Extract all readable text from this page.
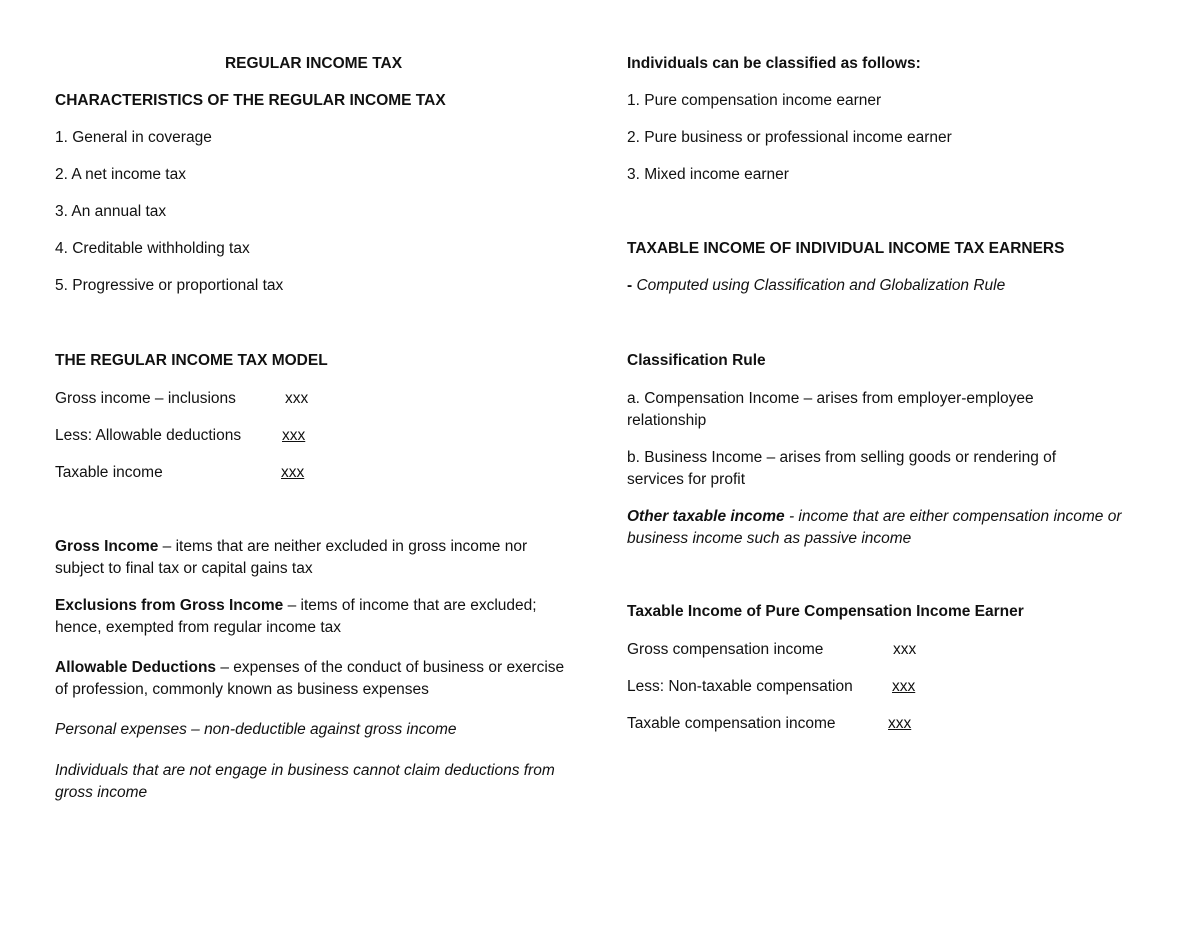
REGULAR INCOME TAX
CHARACTERISTICS OF THE REGULAR INCOME TAX
1. General in coverage
2. A net income tax
3. An annual tax
4. Creditable withholding tax
5. Progressive or proportional tax
THE REGULAR INCOME TAX MODEL
Gross income – inclusions	xxx
Less: Allowable deductions	xxx
Taxable income	xxx
Gross Income – items that are neither excluded in gross income nor subject to final tax or capital gains tax
Exclusions from Gross Income – items of income that are excluded; hence, exempted from regular income tax
Allowable Deductions – expenses of the conduct of business or exercise of profession, commonly known as business expenses
Personal expenses – non-deductible against gross income
Individuals that are not engage in business cannot claim deductions from gross income
Individuals can be classified as follows:
1. Pure compensation income earner
2. Pure business or professional income earner
3. Mixed income earner
TAXABLE INCOME OF INDIVIDUAL INCOME TAX EARNERS
- Computed using Classification and Globalization Rule
Classification Rule
a. Compensation Income – arises from employer-employee relationship
b. Business Income – arises from selling goods or rendering of services for profit
Other taxable income - income that are either compensation income or business income such as passive income
Taxable Income of Pure Compensation Income Earner
Gross compensation income	xxx
Less: Non-taxable compensation	xxx
Taxable compensation income	xxx
